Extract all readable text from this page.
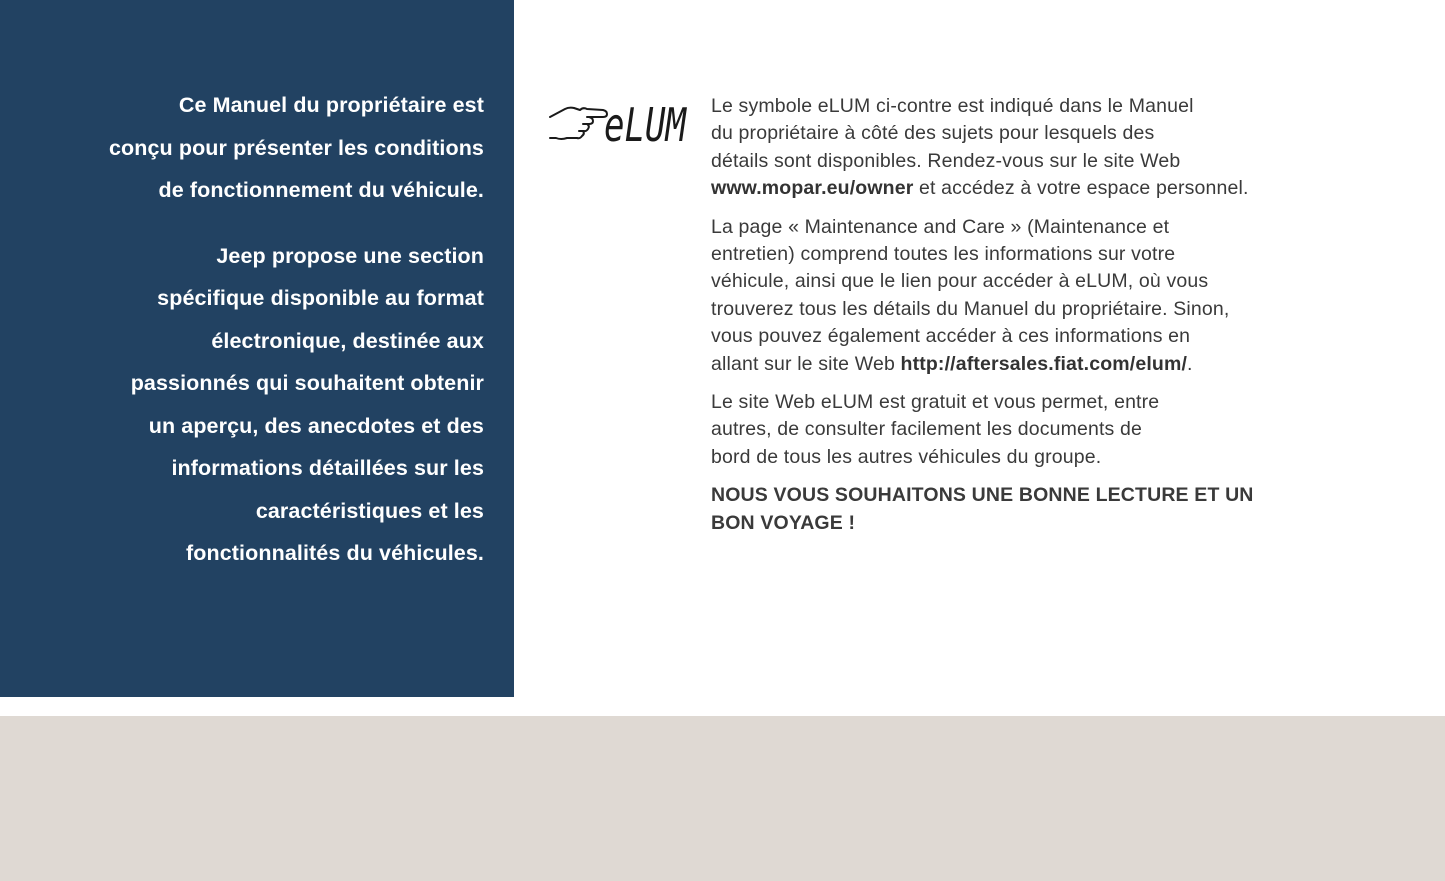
Ce Manuel du propriétaire est
conçu pour présenter les conditions
de fonctionnement du véhicule.

Jeep propose une section
spécifique disponible au format
électronique, destinée aux
passionnés qui souhaitent obtenir
un aperçu, des anecdotes et des
informations détaillées sur les
caractéristiques et les
fonctionnalités du véhicules.

eLUM Le symbole eLUM ci-contre est indiqué dans le Manuel
du propriétaire à côté des sujets pour lesquels des
détails sont disponibles. Rendez-vous sur le site Web
www.mopar.eu/owner et accédez à votre espace personnel.

La page « Maintenance and Care » (Maintenance et
entretien) comprend toutes les informations sur votre
véhicule, ainsi que le lien pour accéder à eLUM, où vous
trouverez tous les détails du Manuel du propriétaire. Sinon,
vous pouvez également accéder à ces informations en
allant sur le site Web http://aftersales.fiat.com/elum/.

Le site Web eLUM est gratuit et vous permet, entre
autres, de consulter facilement les documents de
bord de tous les autres véhicules du groupe.

NOUS VOUS SOUHAITONS UNE BONNE LECTURE ET UN
BON VOYAGE !
